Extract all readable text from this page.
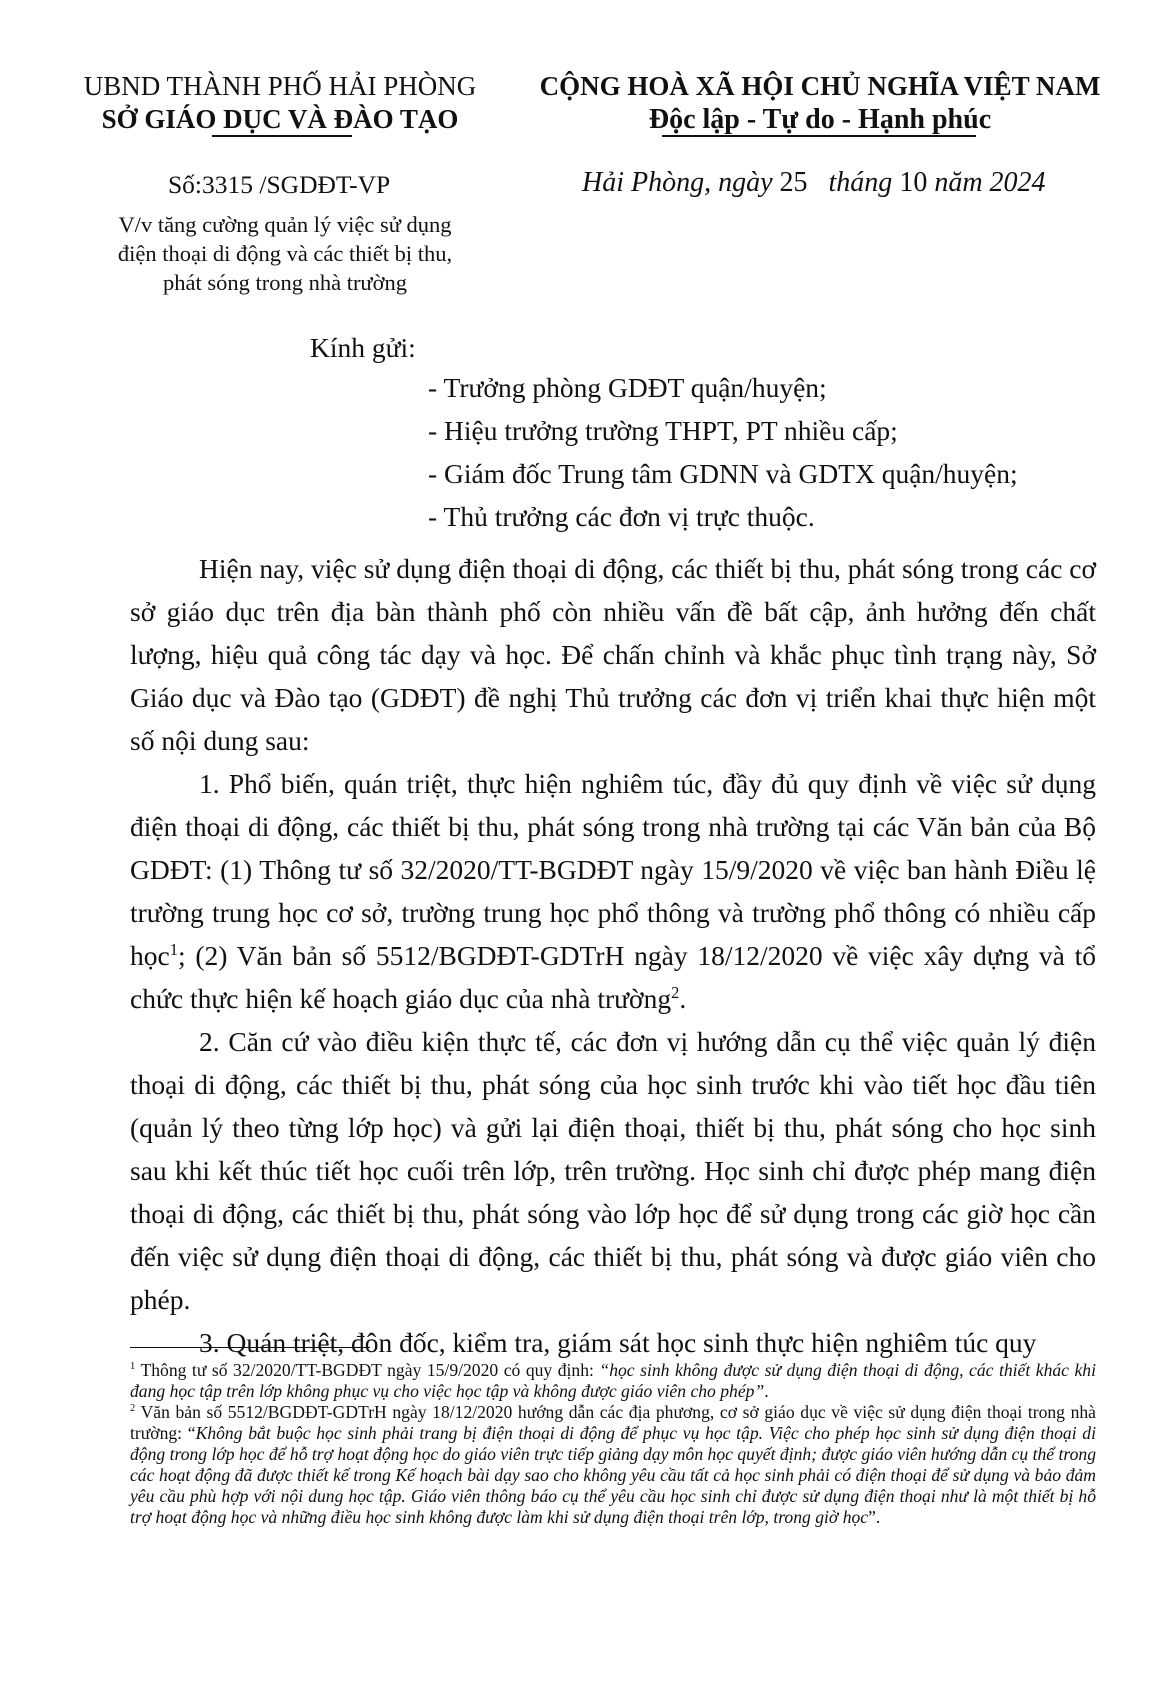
UBND THÀNH PHỐ HẢI PHÒNG
SỞ GIÁO DỤC VÀ ĐÀO TẠO
CỘNG HOÀ XÃ HỘI CHỦ NGHĨA VIỆT NAM
Độc lập - Tự do - Hạnh phúc
Số:3315 /SGDĐT-VP	Hải Phòng, ngày 25 tháng 10 năm 2024
V/v tăng cường quản lý việc sử dụng
điện thoại di động và các thiết bị thu,
phát sóng trong nhà trường
Kính gửi:
- Trưởng phòng GDĐT quận/huyện;
- Hiệu trưởng trường THPT, PT nhiều cấp;
- Giám đốc Trung tâm GDNN và GDTX quận/huyện;
- Thủ trưởng các đơn vị trực thuộc.

Hiện nay, việc sử dụng điện thoại di động, các thiết bị thu, phát sóng trong các cơ sở giáo dục trên địa bàn thành phố còn nhiều vấn đề bất cập, ảnh hưởng đến chất lượng, hiệu quả công tác dạy và học. Để chấn chỉnh và khắc phục tình trạng này, Sở Giáo dục và Đào tạo (GDĐT) đề nghị Thủ trưởng các đơn vị triển khai thực hiện một số nội dung sau:

1. Phổ biến, quán triệt, thực hiện nghiêm túc, đầy đủ quy định về việc sử dụng điện thoại di động, các thiết bị thu, phát sóng trong nhà trường tại các Văn bản của Bộ GDĐT: (1) Thông tư số 32/2020/TT-BGDĐT ngày 15/9/2020 về việc ban hành Điều lệ trường trung học cơ sở, trường trung học phổ thông và trường phổ thông có nhiều cấp học$^1$; (2) Văn bản số 5512/BGDĐT-GDTrH ngày 18/12/2020 về việc xây dựng và tổ chức thực hiện kế hoạch giáo dục của nhà trường$^2$.

2. Căn cứ vào điều kiện thực tế, các đơn vị hướng dẫn cụ thể việc quản lý điện thoại di động, các thiết bị thu, phát sóng của học sinh trước khi vào tiết học đầu tiên (quản lý theo từng lớp học) và gửi lại điện thoại, thiết bị thu, phát sóng cho học sinh sau khi kết thúc tiết học cuối trên lớp, trên trường. Học sinh chỉ được phép mang điện thoại di động, các thiết bị thu, phát sóng vào lớp học để sử dụng trong các giờ học cần đến việc sử dụng điện thoại di động, các thiết bị thu, phát sóng và được giáo viên cho phép.

3. Quán triệt, đôn đốc, kiểm tra, giám sát học sinh thực hiện nghiêm túc quy

$^1$ Thông tư số 32/2020/TT-BGDĐT ngày 15/9/2020 có quy định: “học sinh không được sử dụng điện thoại di động, các thiết khác khi đang học tập trên lớp không phục vụ cho việc học tập và không được giáo viên cho phép”.

$^2$ Văn bản số 5512/BGDĐT-GDTrH ngày 18/12/2020 hướng dẫn các địa phương, cơ sở giáo dục về việc sử dụng điện thoại trong nhà trường: “Không bắt buộc học sinh phải trang bị điện thoại di động để phục vụ học tập. Việc cho phép học sinh sử dụng điện thoại di động trong lớp học để hỗ trợ hoạt động học do giáo viên trực tiếp giảng dạy môn học quyết định; được giáo viên hướng dẫn cụ thể trong các hoạt động đã được thiết kế trong Kế hoạch bài dạy sao cho không yêu cầu tất cả học sinh phải có điện thoại để sử dụng và bảo đảm yêu cầu phù hợp với nội dung học tập. Giáo viên thông báo cụ thể yêu cầu học sinh chỉ được sử dụng điện thoại như là một thiết bị hỗ trợ hoạt động học và những điều học sinh không được làm khi sử dụng điện thoại trên lớp, trong giờ học”.
